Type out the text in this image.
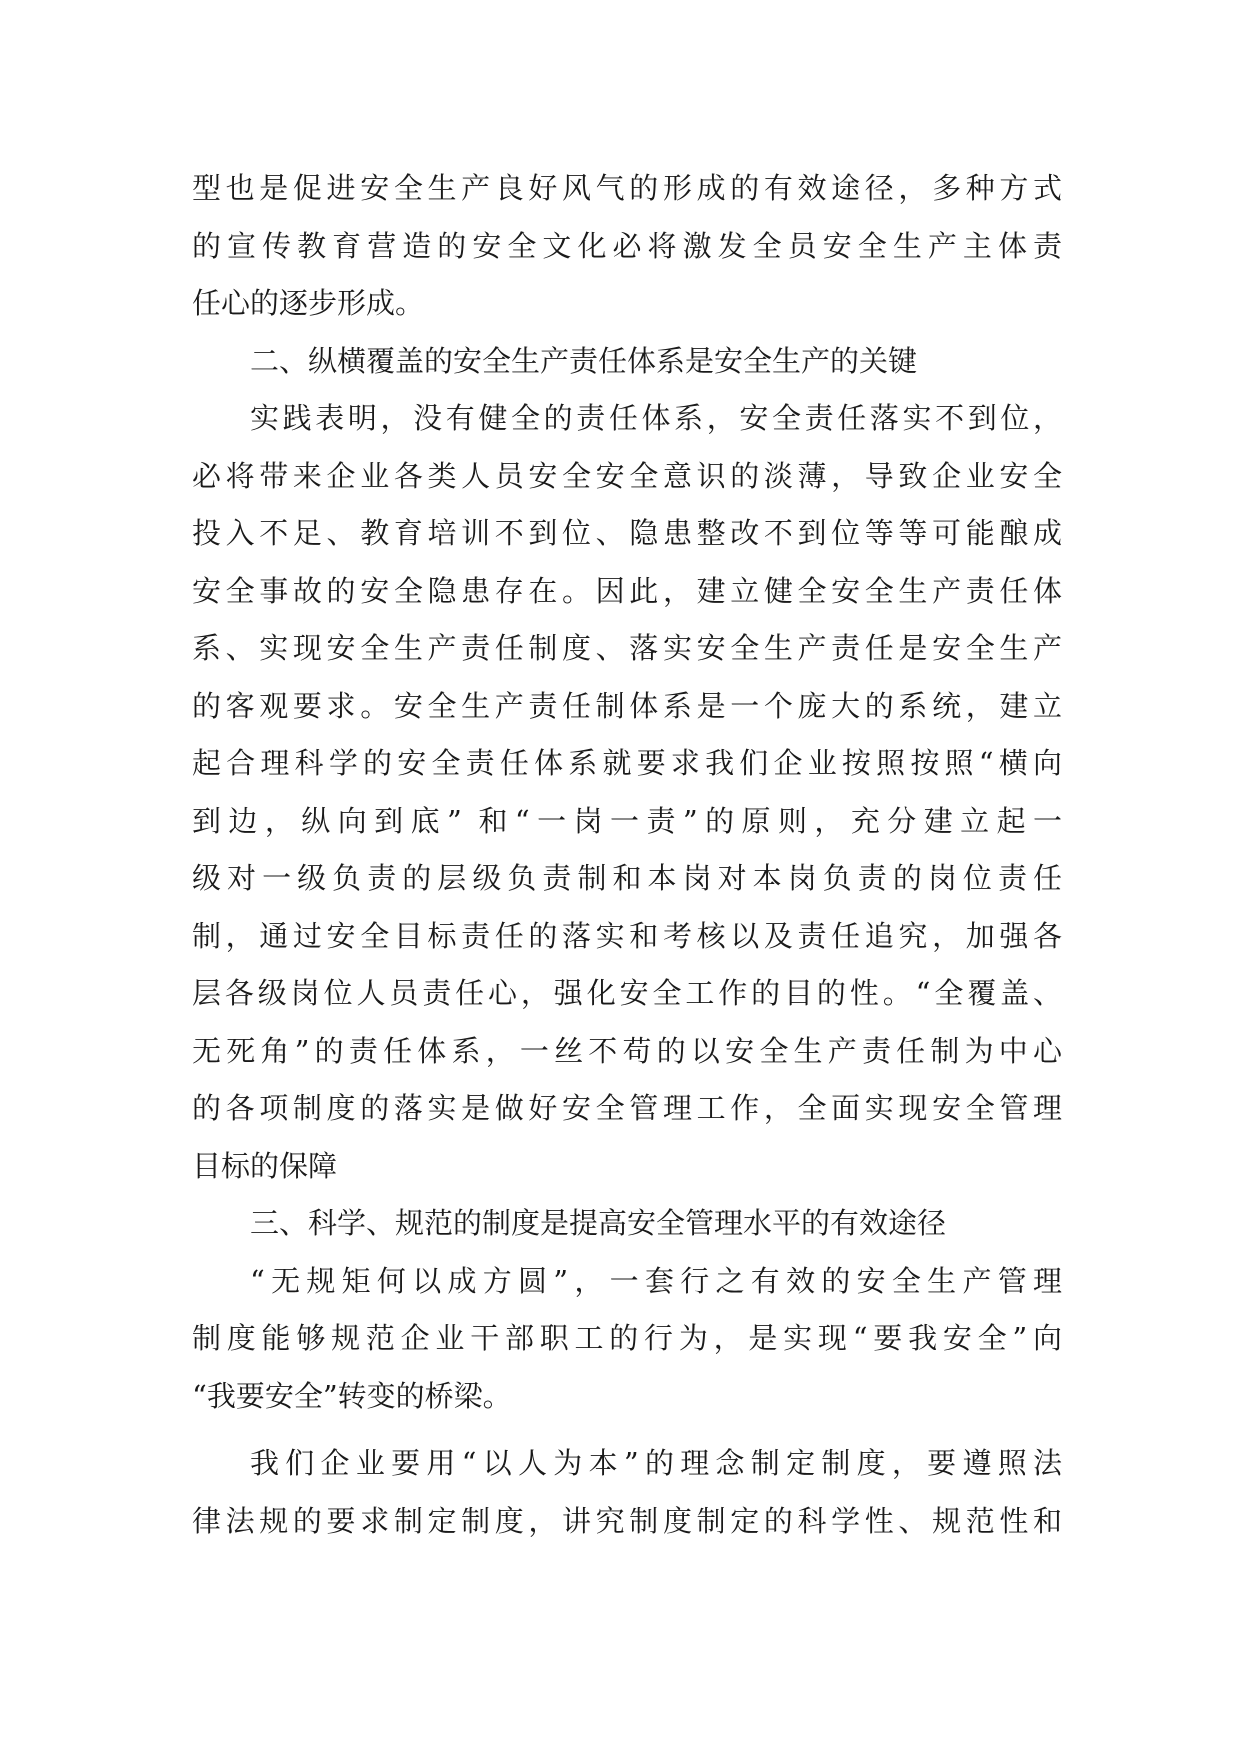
型也是促进安全生产良好风气的形成的有效途径，多种方式
的宣传教育营造的安全文化必将激发全员安全生产主体责
任心的逐步形成。
二、纵横覆盖的安全生产责任体系是安全生产的关键
实践表明，没有健全的责任体系，安全责任落实不到位，
必将带来企业各类人员安全安全意识的淡薄，导致企业安全
投入不足、教育培训不到位、隐患整改不到位等等可能酿成
安全事故的安全隐患存在。因此，建立健全安全生产责任体
系、实现安全生产责任制度、落实安全生产责任是安全生产
的客观要求。安全生产责任制体系是一个庞大的系统，建立
起合理科学的安全责任体系就要求我们企业按照按照“横向
到边，纵向到底” 和“一岗一责”的原则，充分建立起一
级对一级负责的层级负责制和本岗对本岗负责的岗位责任
制，通过安全目标责任的落实和考核以及责任追究，加强各
层各级岗位人员责任心，强化安全工作的目的性。“全覆盖、
无死角”的责任体系，一丝不苟的以安全生产责任制为中心
的各项制度的落实是做好安全管理工作，全面实现安全管理
目标的保障
三、科学、规范的制度是提高安全管理水平的有效途径
“无规矩何以成方圆”，一套行之有效的安全生产管理
制度能够规范企业干部职工的行为，是实现“要我安全”向
“我要安全”转变的桥梁。
我们企业要用“以人为本”的理念制定制度，要遵照法
律法规的要求制定制度，讲究制度制定的科学性、规范性和
